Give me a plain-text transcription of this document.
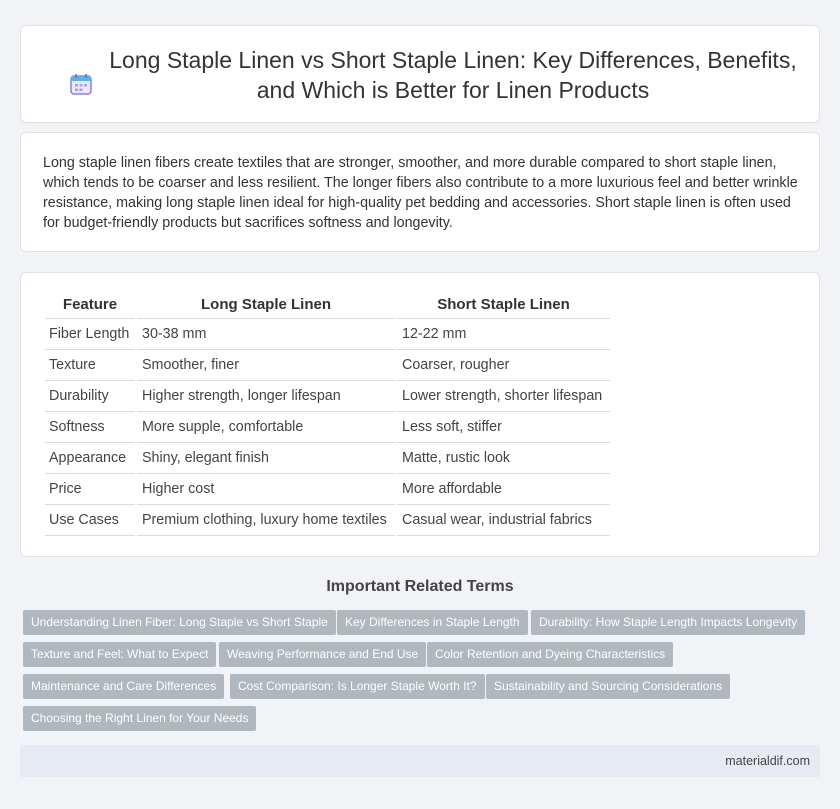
Long Staple Linen vs Short Staple Linen: Key Differences, Benefits, and Which is Better for Linen Products

Long staple linen fibers create textiles that are stronger, smoother, and more durable compared to short staple linen, which tends to be coarser and less resilient. The longer fibers also contribute to a more luxurious feel and better wrinkle resistance, making long staple linen ideal for high-quality pet bedding and accessories. Short staple linen is often used for budget-friendly products but sacrifices softness and longevity.

Feature	Long Staple Linen	Short Staple Linen
Fiber Length	30-38 mm	12-22 mm
Texture	Smoother, finer	Coarser, rougher
Durability	Higher strength, longer lifespan	Lower strength, shorter lifespan
Softness	More supple, comfortable	Less soft, stiffer
Appearance	Shiny, elegant finish	Matte, rustic look
Price	Higher cost	More affordable
Use Cases	Premium clothing, luxury home textiles	Casual wear, industrial fabrics
Important Related Terms
Understanding Linen Fiber: Long Staple vs Short Staple	Key Differences in Staple Length	Durability: How Staple Length Impacts Longevity
Texture and Feel: What to Expect	Weaving Performance and End Use	Color Retention and Dyeing Characteristics
Maintenance and Care Differences	Cost Comparison: Is Longer Staple Worth It?	Sustainability and Sourcing Considerations
Choosing the Right Linen for Your Needs
materialdif.com
